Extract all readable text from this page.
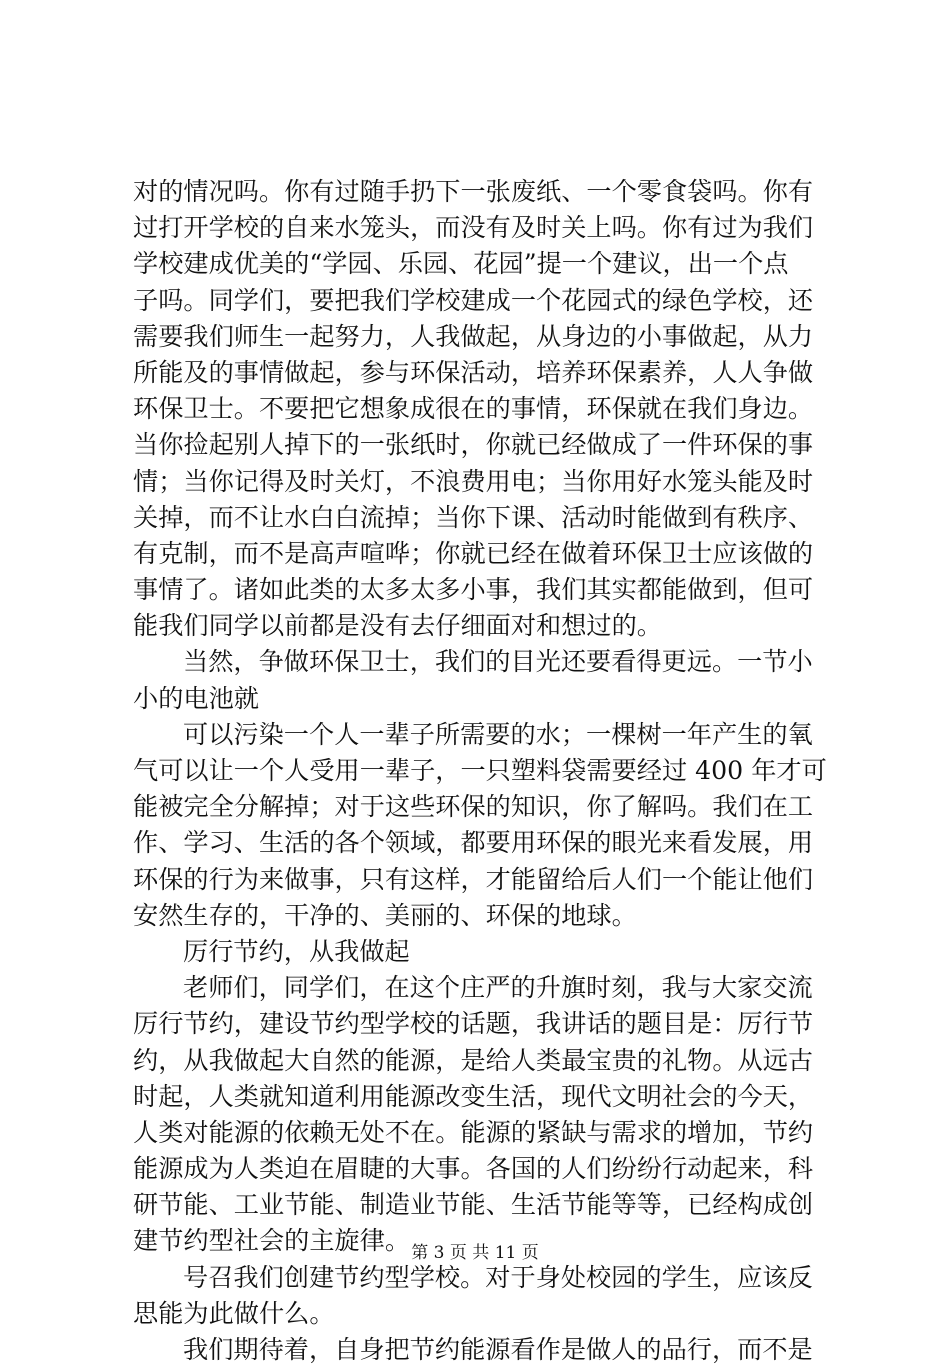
对的情况吗。你有过随手扔下一张废纸、一个零食袋吗。你有
过打开学校的自来水笼头，而没有及时关上吗。你有过为我们
学校建成优美的“学园、乐园、花园”提一个建议，出一个点
子吗。同学们，要把我们学校建成一个花园式的绿色学校，还
需要我们师生一起努力，人我做起，从身边的小事做起，从力
所能及的事情做起，参与环保活动，培养环保素养，人人争做
环保卫士。不要把它想象成很在的事情，环保就在我们身边。
当你捡起别人掉下的一张纸时，你就已经做成了一件环保的事
情；当你记得及时关灯，不浪费用电；当你用好水笼头能及时
关掉，而不让水白白流掉；当你下课、活动时能做到有秩序、
有克制，而不是高声喧哗；你就已经在做着环保卫士应该做的
事情了。诸如此类的太多太多小事，我们其实都能做到，但可
能我们同学以前都是没有去仔细面对和想过的。
当然，争做环保卫士，我们的目光还要看得更远。一节小
小的电池就
可以污染一个人一辈子所需要的水；一棵树一年产生的氧
气可以让一个人受用一辈子，一只塑料袋需要经过 400 年才可
能被完全分解掉；对于这些环保的知识，你了解吗。我们在工
作、学习、生活的各个领域，都要用环保的眼光来看发展，用
环保的行为来做事，只有这样，才能留给后人们一个能让他们
安然生存的，干净的、美丽的、环保的地球。
厉行节约，从我做起
老师们，同学们，在这个庄严的升旗时刻，我与大家交流
厉行节约，建设节约型学校的话题，我讲话的题目是：厉行节
约，从我做起大自然的能源，是给人类最宝贵的礼物。从远古
时起，人类就知道利用能源改变生活，现代文明社会的今天，
人类对能源的依赖无处不在。能源的紧缺与需求的增加，节约
能源成为人类迫在眉睫的大事。各国的人们纷纷行动起来，科
研节能、工业节能、制造业节能、生活节能等等，已经构成创
建节约型社会的主旋律。
号召我们创建节约型学校。对于身处校园的学生，应该反
思能为此做什么。
我们期待着，自身把节约能源看作是做人的品行，而不是
第 3 页 共 11 页
